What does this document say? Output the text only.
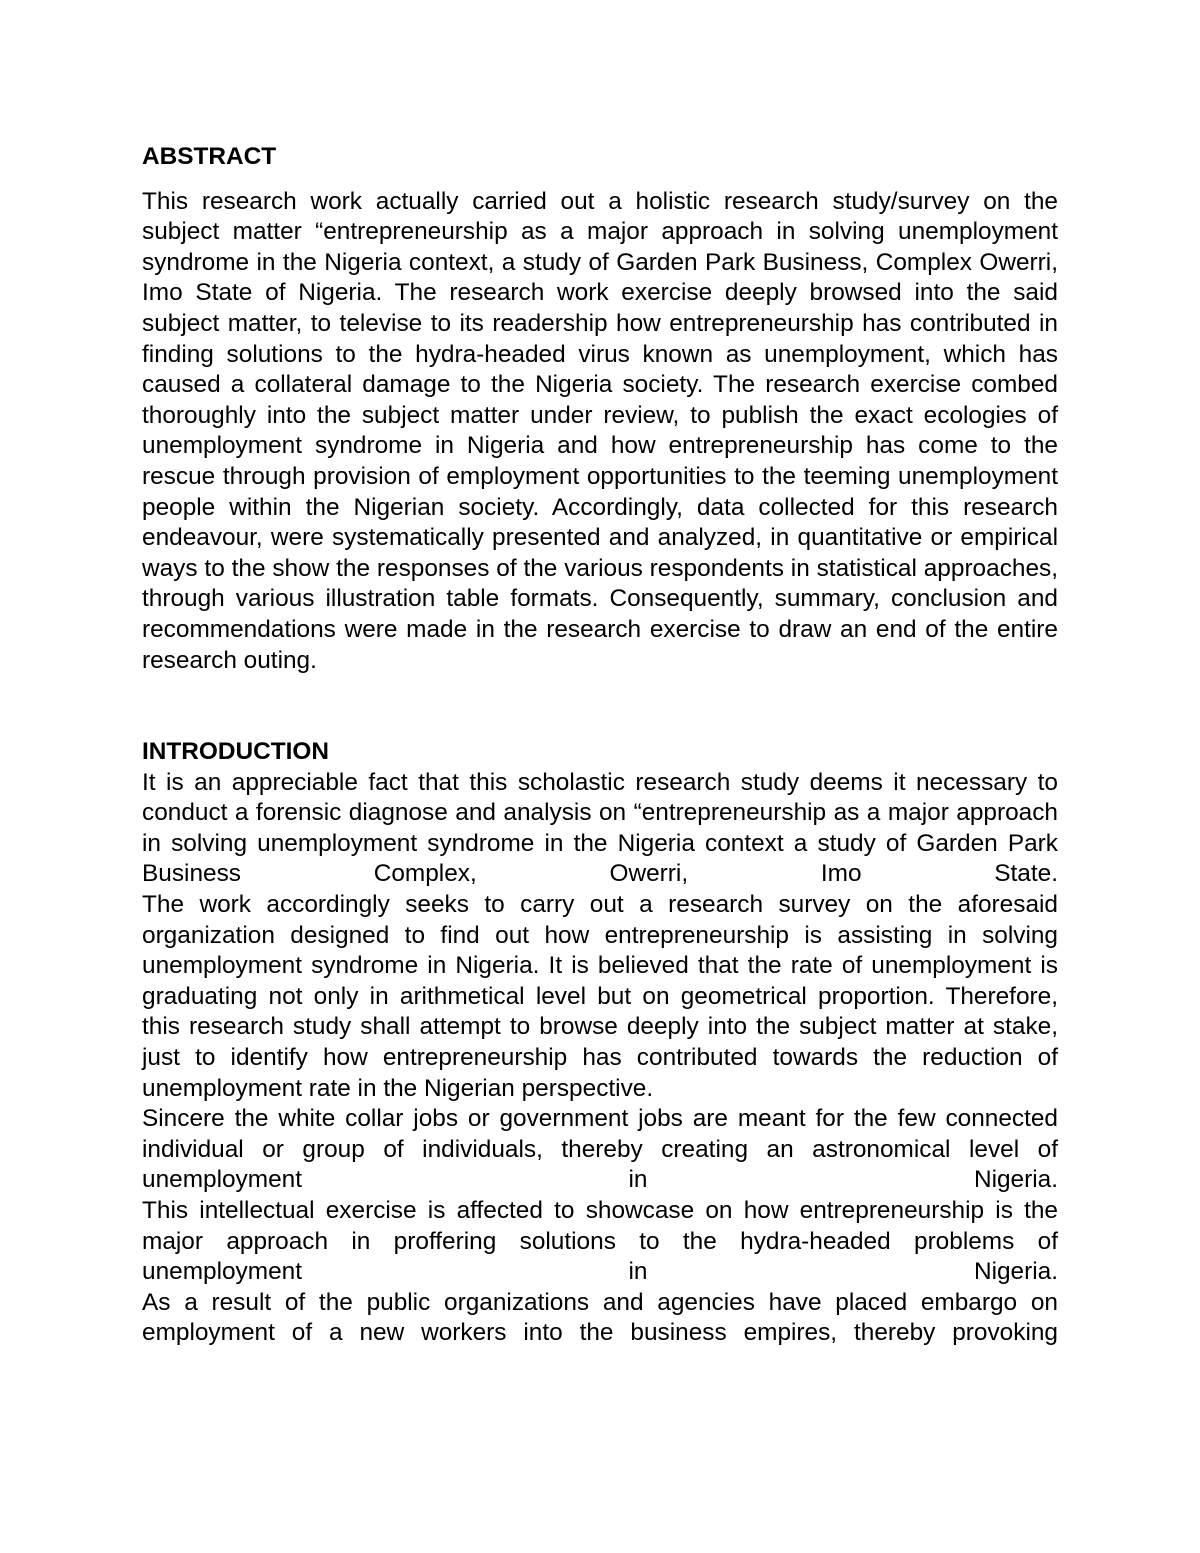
ABSTRACT

This research work actually carried out a holistic research study/survey on the subject matter “entrepreneurship as a major approach in solving unemployment syndrome in the Nigeria context, a study of Garden Park Business, Complex Owerri, Imo State of Nigeria. The research work exercise deeply browsed into the said subject matter, to televise to its readership how entrepreneurship has contributed in finding solutions to the hydra-headed virus known as unemployment, which has caused a collateral damage to the Nigeria society. The research exercise combed thoroughly into the subject matter under review, to publish the exact ecologies of unemployment syndrome in Nigeria and how entrepreneurship has come to the rescue through provision of employment opportunities to the teeming unemployment people within the Nigerian society. Accordingly, data collected for this research endeavour, were systematically presented and analyzed, in quantitative or empirical ways to the show the responses of the various respondents in statistical approaches, through various illustration table formats. Consequently, summary, conclusion and recommendations were made in the research exercise to draw an end of the entire research outing.

INTRODUCTION

It is an appreciable fact that this scholastic research study deems it necessary to conduct a forensic diagnose and analysis on “entrepreneurship as a major approach in solving unemployment syndrome in the Nigeria context a study of Garden Park Business Complex, Owerri, Imo State.

The work accordingly seeks to carry out a research survey on the aforesaid organization designed to find out how entrepreneurship is assisting in solving unemployment syndrome in Nigeria. It is believed that the rate of unemployment is graduating not only in arithmetical level but on geometrical proportion. Therefore, this research study shall attempt to browse deeply into the subject matter at stake, just to identify how entrepreneurship has contributed towards the reduction of unemployment rate in the Nigerian perspective.

Sincere the white collar jobs or government jobs are meant for the few connected individual or group of individuals, thereby creating an astronomical level of unemployment in Nigeria.

This intellectual exercise is affected to showcase on how entrepreneurship is the major approach in proffering solutions to the hydra-headed problems of unemployment in Nigeria.

As a result of the public organizations and agencies have placed embargo on employment of a new workers into the business empires, thereby provoking
